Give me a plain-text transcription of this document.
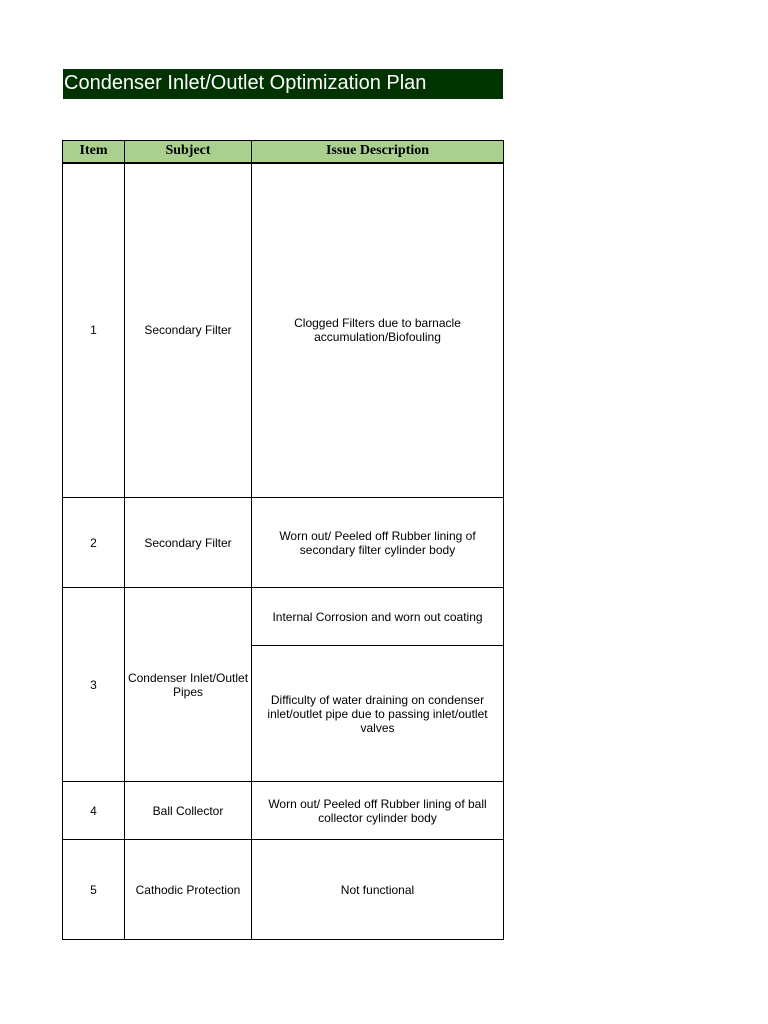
Condenser Inlet/Outlet Optimization Plan
Item	Subject	Issue Description
1	Secondary Filter	Clogged Filters due to barnacle accumulation/Biofouling
2	Secondary Filter	Worn out/ Peeled off Rubber lining of secondary filter cylinder body
3	Condenser Inlet/Outlet Pipes	Internal Corrosion and worn out coating
		Difficulty of water draining on condenser inlet/outlet pipe due to passing inlet/outlet valves
4	Ball Collector	Worn out/ Peeled off Rubber lining of ball collector cylinder body
5	Cathodic Protection	Not functional
